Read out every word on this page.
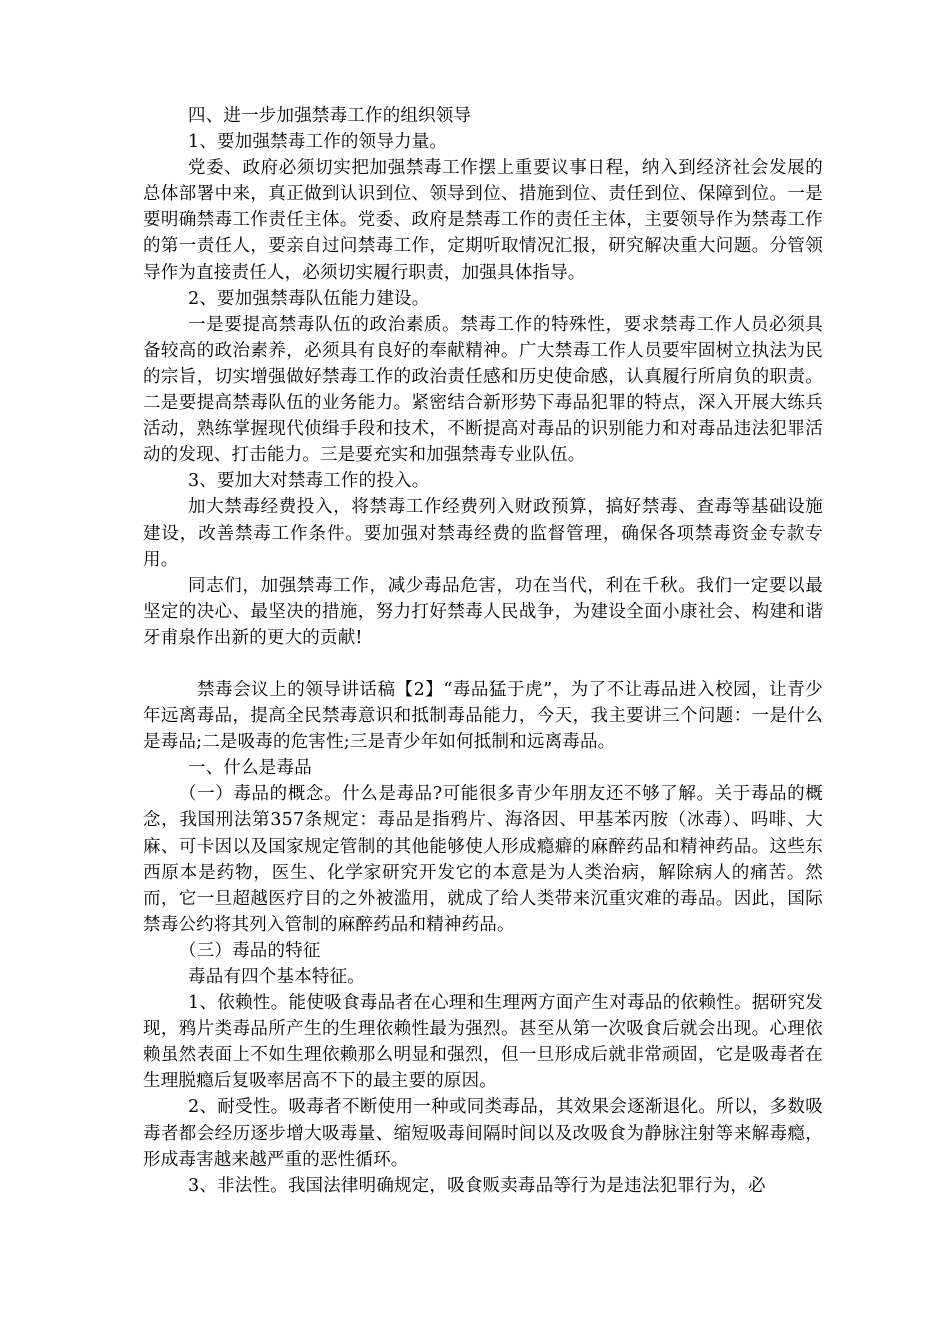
四、进一步加强禁毒工作的组织领导

1、要加强禁毒工作的领导力量。

党委、政府必须切实把加强禁毒工作摆上重要议事日程，纳入到经济社会发展的总体部署中来，真正做到认识到位、领导到位、措施到位、责任到位、保障到位。一是要明确禁毒工作责任主体。党委、政府是禁毒工作的责任主体，主要领导作为禁毒工作的第一责任人，要亲自过问禁毒工作，定期听取情况汇报，研究解决重大问题。分管领导作为直接责任人，必须切实履行职责，加强具体指导。

2、要加强禁毒队伍能力建设。

一是要提高禁毒队伍的政治素质。禁毒工作的特殊性，要求禁毒工作人员必须具备较高的政治素养，必须具有良好的奉献精神。广大禁毒工作人员要牢固树立执法为民的宗旨，切实增强做好禁毒工作的政治责任感和历史使命感，认真履行所肩负的职责。二是要提高禁毒队伍的业务能力。紧密结合新形势下毒品犯罪的特点，深入开展大练兵活动，熟练掌握现代侦缉手段和技术，不断提高对毒品的识别能力和对毒品违法犯罪活动的发现、打击能力。三是要充实和加强禁毒专业队伍。

3、要加大对禁毒工作的投入。

加大禁毒经费投入，将禁毒工作经费列入财政预算，搞好禁毒、查毒等基础设施建设，改善禁毒工作条件。要加强对禁毒经费的监督管理，确保各项禁毒资金专款专用。

同志们，加强禁毒工作，减少毒品危害，功在当代，利在千秋。我们一定要以最坚定的决心、最坚决的措施，努力打好禁毒人民战争，为建设全面小康社会、构建和谐牙甫泉作出新的更大的贡献!

禁毒会议上的领导讲话稿【2】“毒品猛于虎”，为了不让毒品进入校园，让青少年远离毒品，提高全民禁毒意识和抵制毒品能力，今天，我主要讲三个问题：一是什么是毒品;二是吸毒的危害性;三是青少年如何抵制和远离毒品。

一、什么是毒品

（一）毒品的概念。什么是毒品?可能很多青少年朋友还不够了解。关于毒品的概念，我国刑法第357条规定：毒品是指鸦片、海洛因、甲基苯丙胺（冰毒）、吗啡、大麻、可卡因以及国家规定管制的其他能够使人形成瘾癖的麻醉药品和精神药品。这些东西原本是药物，医生、化学家研究开发它的本意是为人类治病，解除病人的痛苦。然而，它一旦超越医疗目的之外被滥用，就成了给人类带来沉重灾难的毒品。因此，国际禁毒公约将其列入管制的麻醉药品和精神药品。

（三）毒品的特征

毒品有四个基本特征。

1、依赖性。能使吸食毒品者在心理和生理两方面产生对毒品的依赖性。据研究发现，鸦片类毒品所产生的生理依赖性最为强烈。甚至从第一次吸食后就会出现。心理依赖虽然表面上不如生理依赖那么明显和强烈，但一旦形成后就非常顽固，它是吸毒者在生理脱瘾后复吸率居高不下的最主要的原因。

2、耐受性。吸毒者不断使用一种或同类毒品，其效果会逐渐退化。所以，多数吸毒者都会经历逐步增大吸毒量、缩短吸毒间隔时间以及改吸食为静脉注射等来解毒瘾，形成毒害越来越严重的恶性循环。

3、非法性。我国法律明确规定，吸食贩卖毒品等行为是违法犯罪行为，必
